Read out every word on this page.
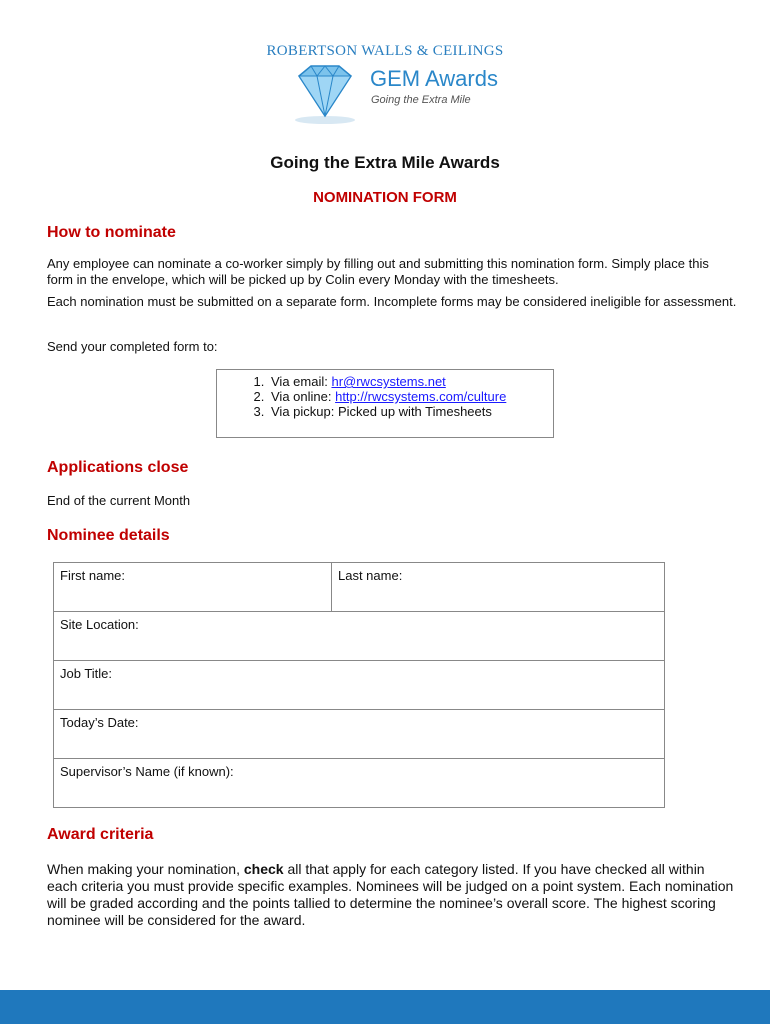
ROBERTSON WALLS & CEILINGS
GEM Awards
Going the Extra Mile
Going the Extra Mile Awards
NOMINATION FORM
How to nominate
Any employee can nominate a co-worker simply by filling out and submitting this nomination form. Simply place this form in the envelope, which will be picked up by Colin every Monday with the timesheets.
Each nomination must be submitted on a separate form. Incomplete forms may be considered ineligible for assessment.
Send your completed form to:
1. Via email: hr@rwcsystems.net
2. Via online: http://rwcsystems.com/culture
3. Via pickup: Picked up with Timesheets
Applications close
End of the current Month
Nominee details
First name:	Last name:
Site Location:
Job Title:
Today’s Date:
Supervisor’s Name (if known):
Award criteria
When making your nomination, check all that apply for each category listed. If you have checked all within each criteria you must provide specific examples. Nominees will be judged on a point system. Each nomination will be graded according and the points tallied to determine the nominee’s overall score. The highest scoring nominee will be considered for the award.
